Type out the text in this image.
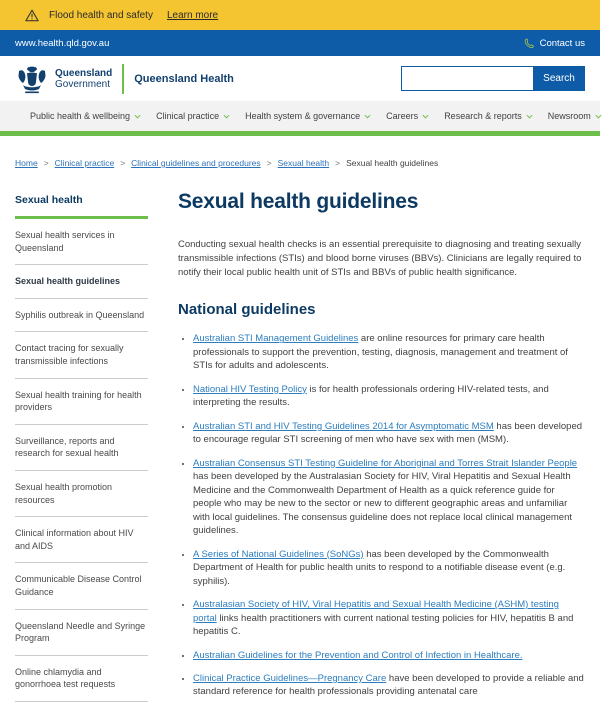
Flood health and safety Learn more
www.health.qld.gov.au	Contact us
Queensland
Government Queensland Health	Search
Public health & wellbeing	Clinical practice	Health system & governance	Careers	Research & reports	Newsroom
Home > Clinical practice > Clinical guidelines and procedures > Sexual health > Sexual health guidelines
Sexual health
Sexual health services in Queensland
Sexual health guidelines
Syphilis outbreak in Queensland
Contact tracing for sexually transmissible infections
Sexual health training for health providers
Surveillance, reports and research for sexual health
Sexual health promotion resources
Clinical information about HIV and AIDS
Communicable Disease Control Guidance
Queensland Needle and Syringe Program
Online chlamydia and gonorrhoea test requests
Sexual health guidelines

Conducting sexual health checks is an essential prerequisite to diagnosing and treating sexually transmissible infections (STIs) and blood borne viruses (BBVs). Clinicians are legally required to notify their local public health unit of STIs and BBVs of public health significance.

National guidelines
• Australian STI Management Guidelines are online resources for primary care health professionals to support the prevention, testing, diagnosis, management and treatment of STIs for adults and adolescents.
• National HIV Testing Policy is for health professionals ordering HIV-related tests, and interpreting the results.
• Australian STI and HIV Testing Guidelines 2014 for Asymptomatic MSM has been developed to encourage regular STI screening of men who have sex with men (MSM).
• Australian Consensus STI Testing Guideline for Aboriginal and Torres Strait Islander People has been developed by the Australasian Society for HIV, Viral Hepatitis and Sexual Health Medicine and the Commonwealth Department of Health as a quick reference guide for people who may be new to the sector or new to different geographic areas and unfamiliar with local guidelines. The consensus guideline does not replace local clinical management guidelines.
• A Series of National Guidelines (SoNGs) has been developed by the Commonwealth Department of Health for public health units to respond to a notifiable disease event (e.g. syphilis).
• Australasian Society of HIV, Viral Hepatitis and Sexual Health Medicine (ASHM) testing portal links health practitioners with current national testing policies for HIV, hepatitis B and hepatitis C.
• Australian Guidelines for the Prevention and Control of Infection in Healthcare.
• Clinical Practice Guidelines—Pregnancy Care have been developed to provide a reliable and standard reference for health professionals providing antenatal care
